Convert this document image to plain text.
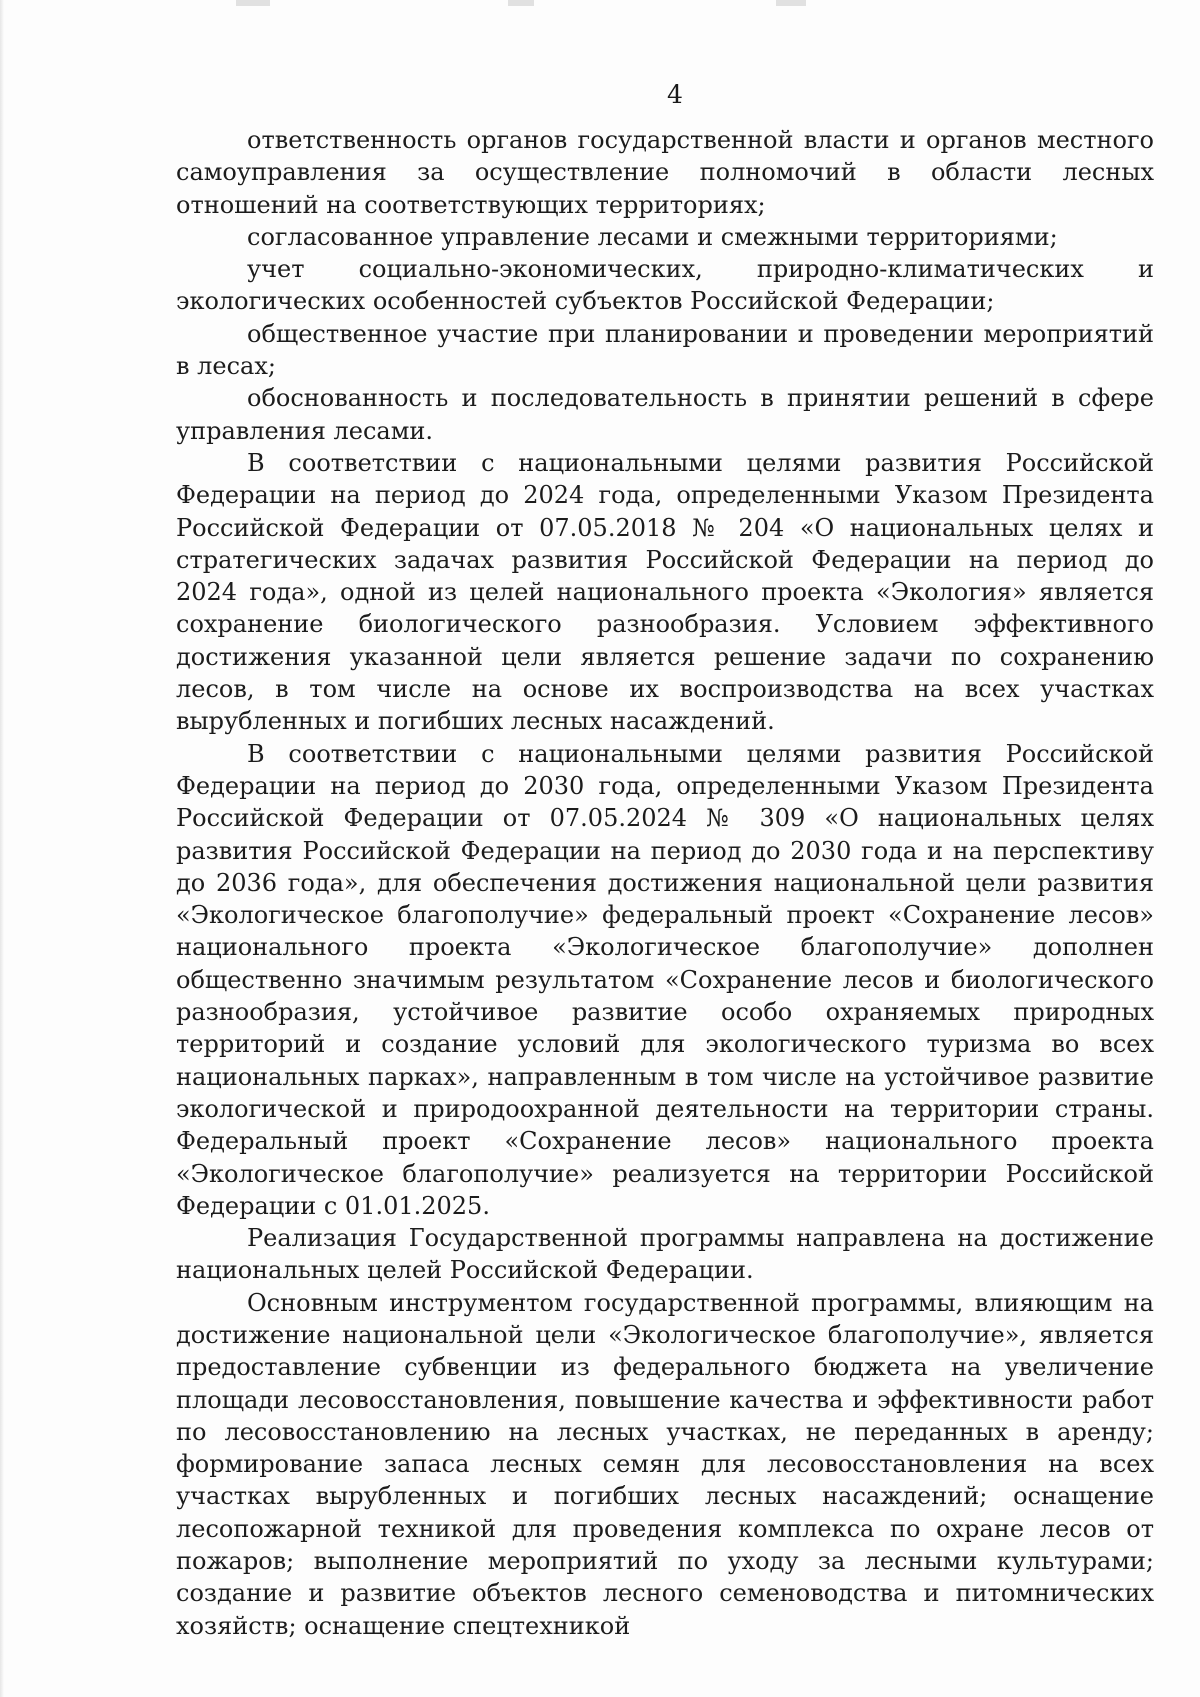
4

ответственность органов государственной власти и органов местного самоуправления за осуществление полномочий в области лесных отношений на соответствующих территориях;

согласованное управление лесами и смежными территориями;

учет социально-экономических, природно-климатических и экологических особенностей субъектов Российской Федерации;

общественное участие при планировании и проведении мероприятий в лесах;

обоснованность и последовательность в принятии решений в сфере управления лесами.

В соответствии с национальными целями развития Российской Федерации на период до 2024 года, определенными Указом Президента Российской Федерации от 07.05.2018 № 204 «О национальных целях и стратегических задачах развития Российской Федерации на период до 2024 года», одной из целей национального проекта «Экология» является сохранение биологического разнообразия. Условием эффективного достижения указанной цели является решение задачи по сохранению лесов, в том числе на основе их воспроизводства на всех участках вырубленных и погибших лесных насаждений.

В соответствии с национальными целями развития Российской Федерации на период до 2030 года, определенными Указом Президента Российской Федерации от 07.05.2024 № 309 «О национальных целях развития Российской Федерации на период до 2030 года и на перспективу до 2036 года», для обеспечения достижения национальной цели развития «Экологическое благополучие» федеральный проект «Сохранение лесов» национального проекта «Экологическое благополучие» дополнен общественно значимым результатом «Сохранение лесов и биологического разнообразия, устойчивое развитие особо охраняемых природных территорий и создание условий для экологического туризма во всех национальных парках», направленным в том числе на устойчивое развитие экологической и природоохранной деятельности на территории страны. Федеральный проект «Сохранение лесов» национального проекта «Экологическое благополучие» реализуется на территории Российской Федерации с 01.01.2025.

Реализация Государственной программы направлена на достижение национальных целей Российской Федерации.

Основным инструментом государственной программы, влияющим на достижение национальной цели «Экологическое благополучие», является предоставление субвенции из федерального бюджета на увеличение площади лесовосстановления, повышение качества и эффективности работ по лесовосстановлению на лесных участках, не переданных в аренду; формирование запаса лесных семян для лесовосстановления на всех участках вырубленных и погибших лесных насаждений; оснащение лесопожарной техникой для проведения комплекса по охране лесов от пожаров; выполнение мероприятий по уходу за лесными культурами; создание и развитие объектов лесного семеноводства и питомнических хозяйств; оснащение спецтехникой
